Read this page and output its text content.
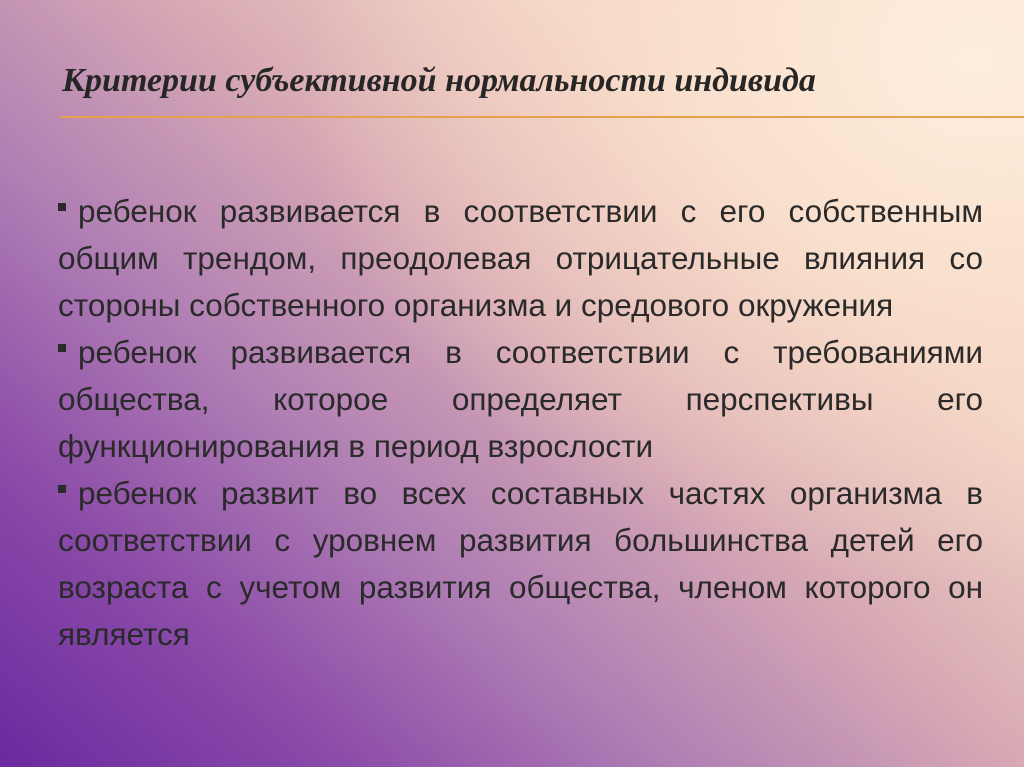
Критерии субъективной нормальности индивида
ребенок развивается в соответствии с его собственным общим трендом, преодолевая отрицательные влияния со стороны собственного организма и средового окружения
ребенок развивается в соответствии с требованиями общества, которое определяет перспективы его функционирования в период взрослости
ребенок развит во всех составных частях организма в соответствии с уровнем развития большинства детей его возраста с учетом развития общества, членом которого он является
